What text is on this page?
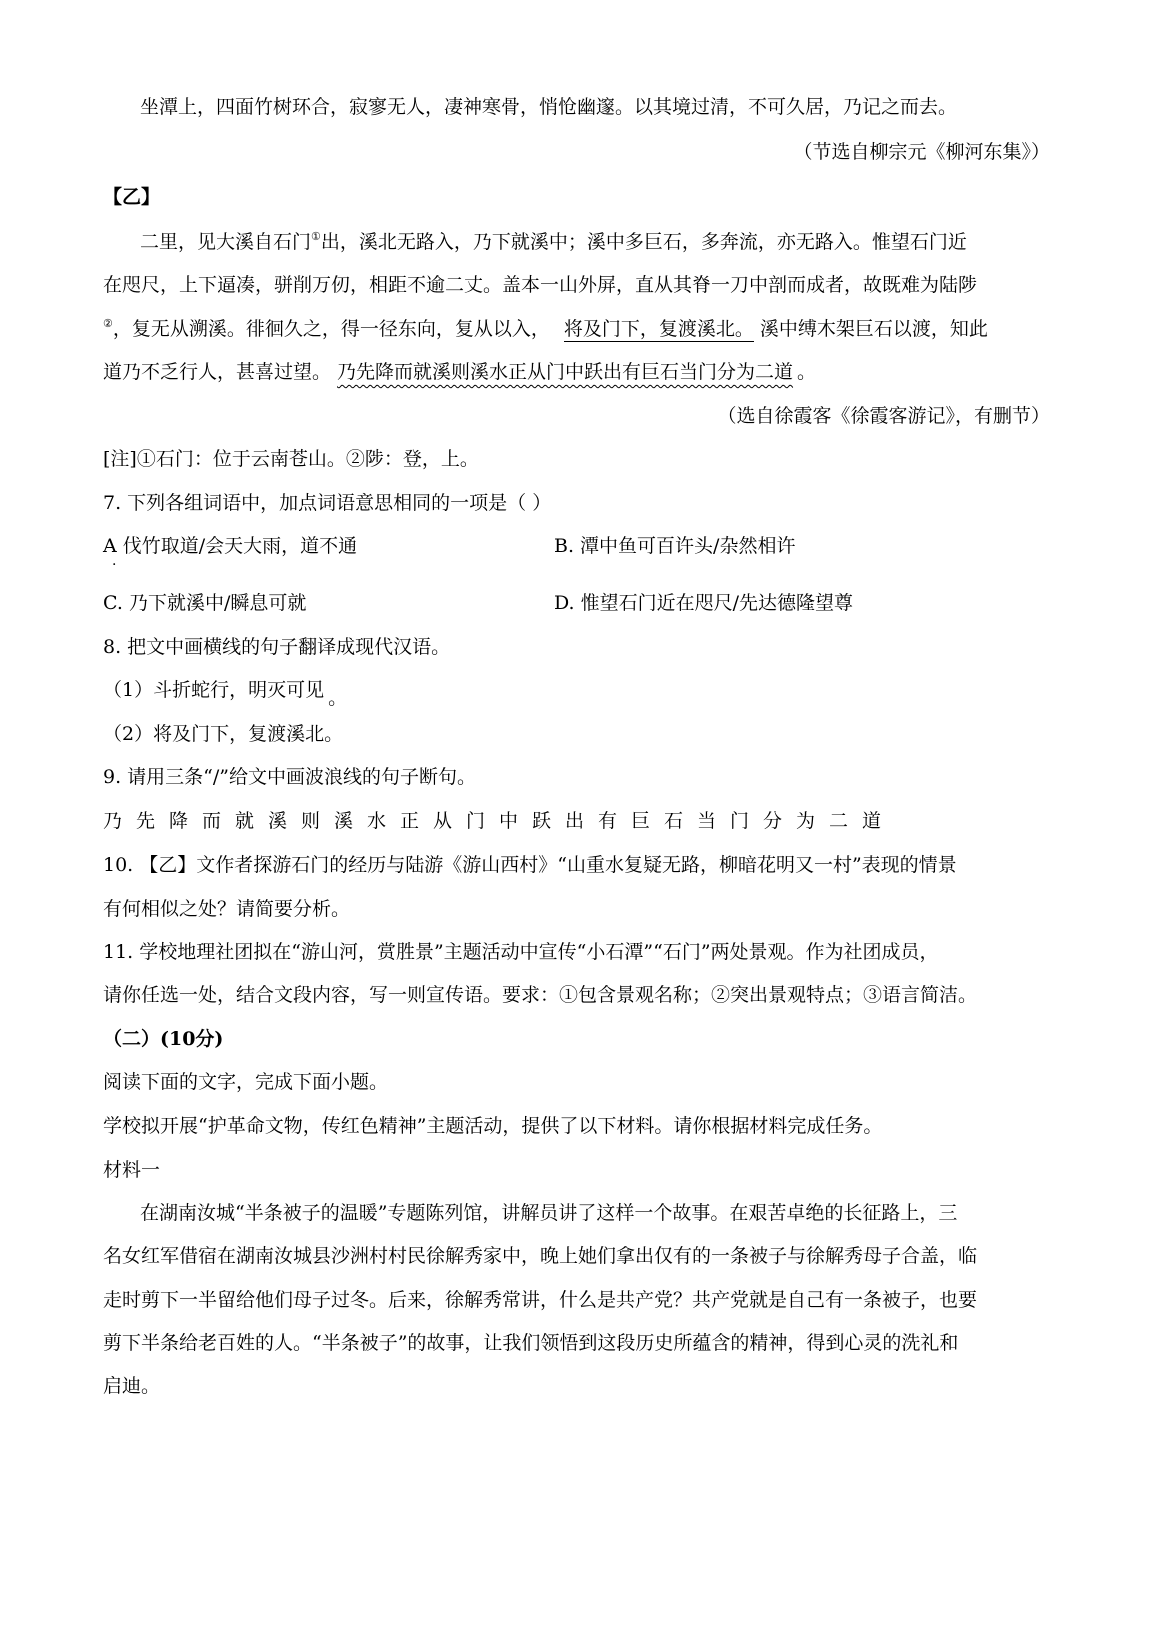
坐潭上，四面竹树环合，寂寥无人，凄神寒骨，悄怆幽邃。以其境过清，不可久居，乃记之而去。
（节选自柳宗元《柳河东集》）
【乙】
二里，见大溪自石门①出，溪北无路入，乃下就溪中；溪中多巨石，多奔流，亦无路入。惟望石门近
在咫尺，上下逼凑，骈削万仞，相距不逾二丈。盖本一山外屏，直从其脊一刀中剖而成者，故既难为陆陟
②，复无从溯溪。徘徊久之，得一径东向，复从以入， 将及门下，复渡溪北。 溪中缚木架巨石以渡，知此
道乃不乏行人，甚喜过望。 乃先降而就溪则溪水正从门中跃出有巨石当门分为二道 。
（选自徐霞客《徐霞客游记》，有删节）
[注]①石门：位于云南苍山。②陟：登，上。
7. 下列各组词语中，加点词语意思相同的一项是（ ）
A 伐竹取道/会天大雨，道不通
·
B. 潭中鱼可百许头/杂然相许
C. 乃下就溪中/瞬息可就	D. 惟望石门近在咫尺/先达德隆望尊
8. 把文中画横线的句子翻译成现代汉语。
（1）斗折蛇行，明灭可见 。
（2）将及门下，复渡溪北。
9. 请用三条“/”给文中画波浪线的句子断句。
乃先降而就溪则溪水正从门中跃出有巨石当门分为二道
10. 【乙】文作者探游石门的经历与陆游《游山西村》“山重水复疑无路，柳暗花明又一村”表现的情景
有何相似之处？请简要分析。
11. 学校地理社团拟在“游山河，赏胜景”主题活动中宣传“小石潭”“石门”两处景观。作为社团成员，
请你任选一处，结合文段内容，写一则宣传语。要求：①包含景观名称；②突出景观特点；③语言简洁。
（二）(10分)
阅读下面的文字，完成下面小题。
学校拟开展“护革命文物，传红色精神”主题活动，提供了以下材料。请你根据材料完成任务。
材料一
在湖南汝城“半条被子的温暖”专题陈列馆，讲解员讲了这样一个故事。在艰苦卓绝的长征路上，三
名女红军借宿在湖南汝城县沙洲村村民徐解秀家中，晚上她们拿出仅有的一条被子与徐解秀母子合盖，临
走时剪下一半留给他们母子过冬。后来，徐解秀常讲，什么是共产党？共产党就是自己有一条被子，也要
剪下半条给老百姓的人。“半条被子”的故事，让我们领悟到这段历史所蕴含的精神，得到心灵的洗礼和
启迪。
